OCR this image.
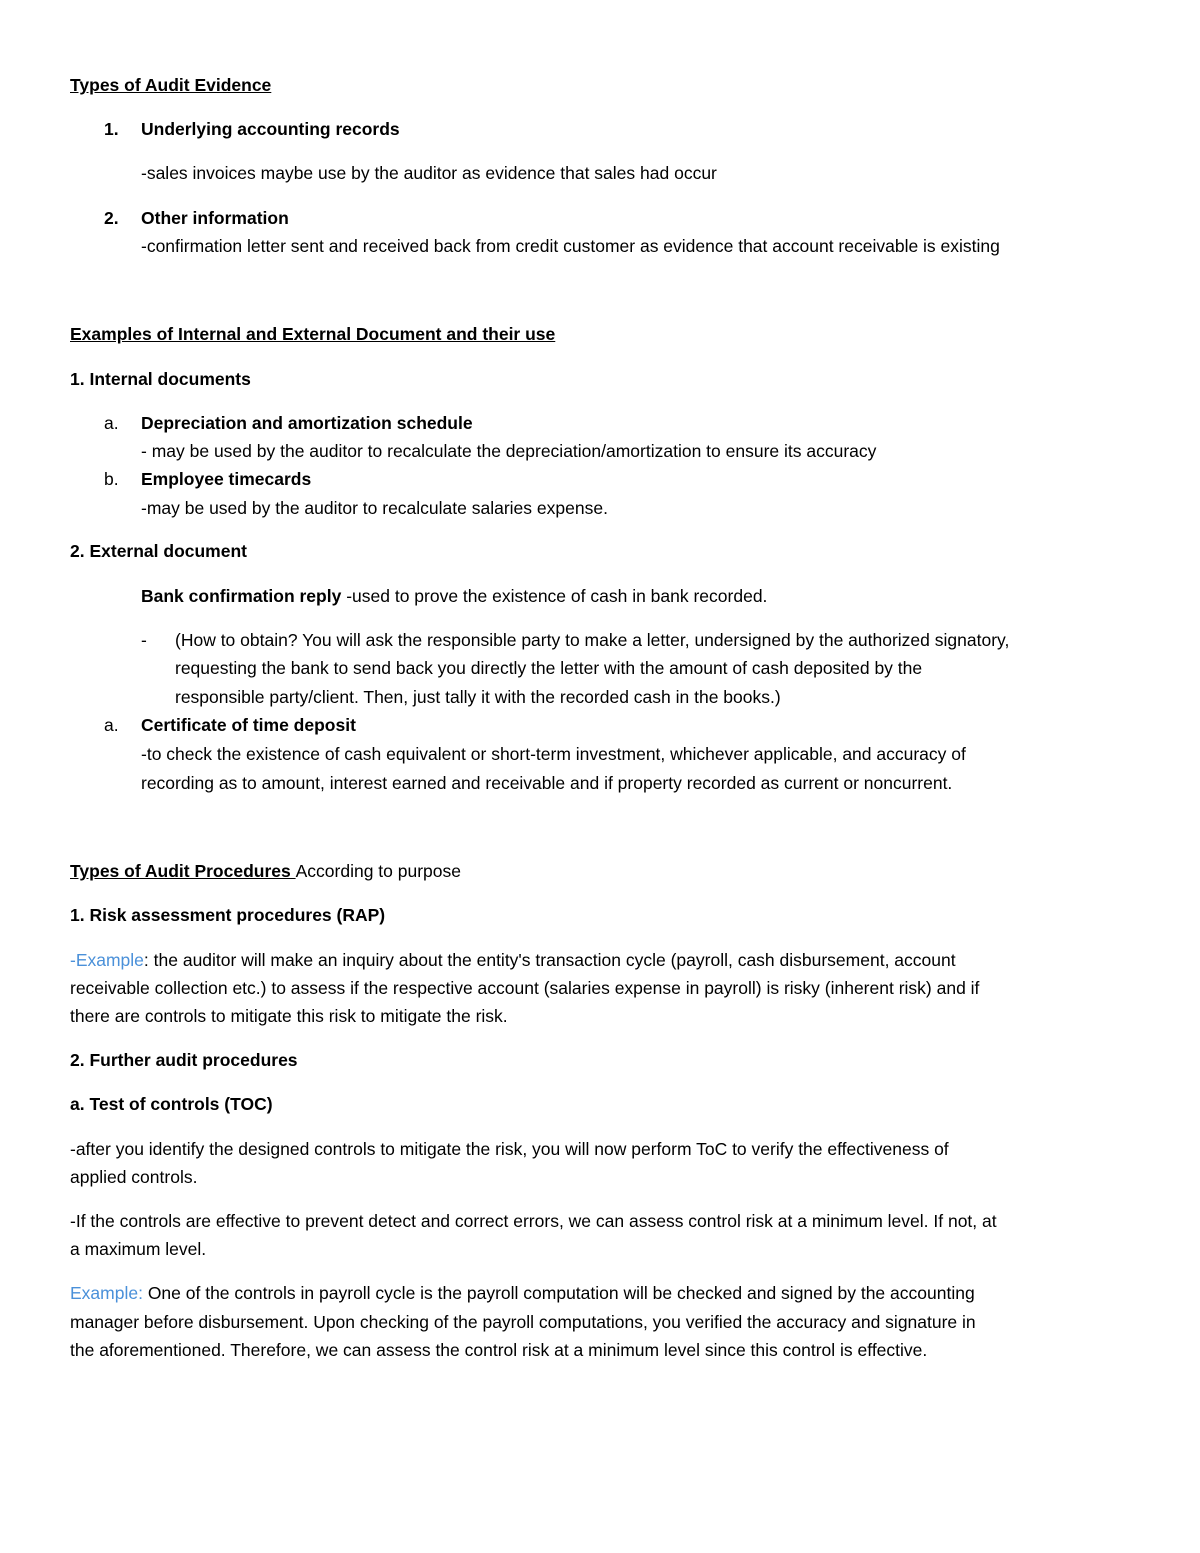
Types of Audit Evidence
1. Underlying accounting records
-sales invoices maybe use by the auditor as evidence that sales had occur
2. Other information
-confirmation letter sent and received back from credit customer as evidence that account receivable is existing
Examples of Internal and External Document and their use
1. Internal documents
a. Depreciation and amortization schedule
- may be used by the auditor to recalculate the depreciation/amortization to ensure its accuracy
b. Employee timecards
-may be used by the auditor to recalculate salaries expense.
2. External document
Bank confirmation reply -used to prove the existence of cash in bank recorded.
- (How to obtain? You will ask the responsible party to make a letter, undersigned by the authorized signatory,
requesting the bank to send back you directly the letter with the amount of cash deposited by the
responsible party/client. Then, just tally it with the recorded cash in the books.)
a. Certificate of time deposit
-to check the existence of cash equivalent or short-term investment, whichever applicable, and accuracy of
recording as to amount, interest earned and receivable and if property recorded as current or noncurrent.
Types of Audit Procedures According to purpose
1. Risk assessment procedures (RAP)
-Example: the auditor will make an inquiry about the entity's transaction cycle (payroll, cash disbursement, account
receivable collection etc.) to assess if the respective account (salaries expense in payroll) is risky (inherent risk) and if
there are controls to mitigate this risk to mitigate the risk.
2. Further audit procedures
a. Test of controls (TOC)
-after you identify the designed controls to mitigate the risk, you will now perform ToC to verify the effectiveness of
applied controls.
-If the controls are effective to prevent detect and correct errors, we can assess control risk at a minimum level. If not, at
a maximum level.
Example: One of the controls in payroll cycle is the payroll computation will be checked and signed by the accounting
manager before disbursement. Upon checking of the payroll computations, you verified the accuracy and signature in
the aforementioned. Therefore, we can assess the control risk at a minimum level since this control is effective.
